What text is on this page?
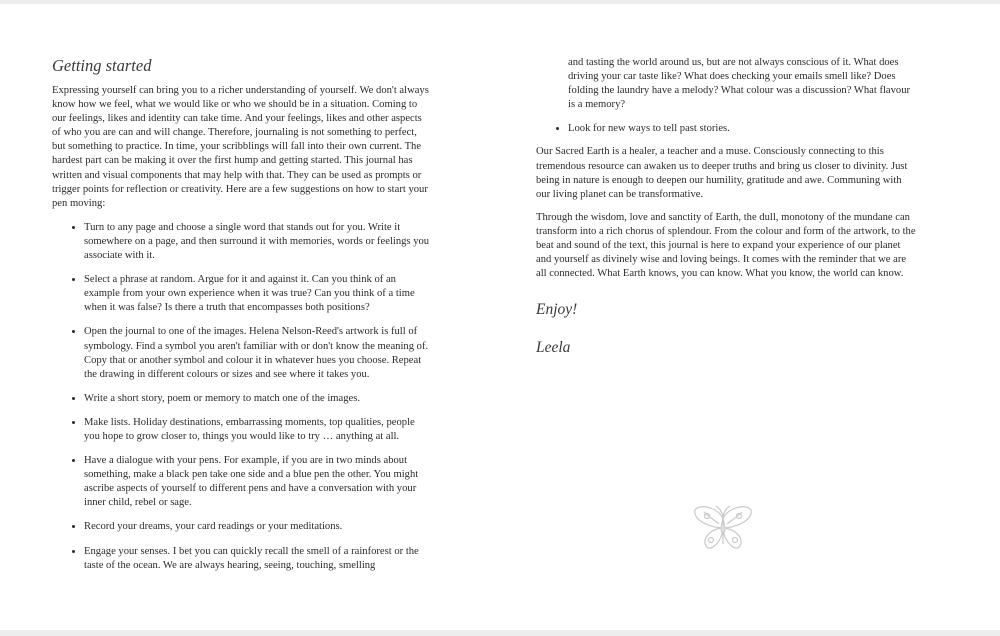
Getting started

Expressing yourself can bring you to a richer understanding of yourself. We don't always know how we feel, what we would like or who we should be in a situation. Coming to our feelings, likes and identity can take time. And your feelings, likes and other aspects of who you are can and will change. Therefore, journaling is not something to perfect, but something to practice. In time, your scribblings will fall into their own current. The hardest part can be making it over the first hump and getting started. This journal has written and visual components that may help with that. They can be used as prompts or trigger points for reflection or creativity. Here are a few suggestions on how to start your pen moving:

• Turn to any page and choose a single word that stands out for you. Write it somewhere on a page, and then surround it with memories, words or feelings you associate with it.
• Select a phrase at random. Argue for it and against it. Can you think of an example from your own experience when it was true? Can you think of a time when it was false? Is there a truth that encompasses both positions?
• Open the journal to one of the images. Helena Nelson-Reed's artwork is full of symbology. Find a symbol you aren't familiar with or don't know the meaning of. Copy that or another symbol and colour it in whatever hues you choose. Repeat the drawing in different colours or sizes and see where it takes you.
• Write a short story, poem or memory to match one of the images.
• Make lists. Holiday destinations, embarrassing moments, top qualities, people you hope to grow closer to, things you would like to try … anything at all.
• Have a dialogue with your pens. For example, if you are in two minds about something, make a black pen take one side and a blue pen the other. You might ascribe aspects of yourself to different pens and have a conversation with your inner child, rebel or sage.
• Record your dreams, your card readings or your meditations.
• Engage your senses. I bet you can quickly recall the smell of a rainforest or the taste of the ocean. We are always hearing, seeing, touching, smelling
and tasting the world around us, but are not always conscious of it. What does driving your car taste like? What does checking your emails smell like? Does folding the laundry have a melody? What colour was a discussion? What flavour is a memory?
• Look for new ways to tell past stories.

Our Sacred Earth is a healer, a teacher and a muse. Consciously connecting to this tremendous resource can awaken us to deeper truths and bring us closer to divinity. Just being in nature is enough to deepen our humility, gratitude and awe. Communing with our living planet can be transformative.

Through the wisdom, love and sanctity of Earth, the dull, monotony of the mundane can transform into a rich chorus of splendour. From the colour and form of the artwork, to the beat and sound of the text, this journal is here to expand your experience of our planet and yourself as divinely wise and loving beings. It comes with the reminder that we are all connected. What Earth knows, you can know. What you know, the world can know.

Enjoy!
Leela
